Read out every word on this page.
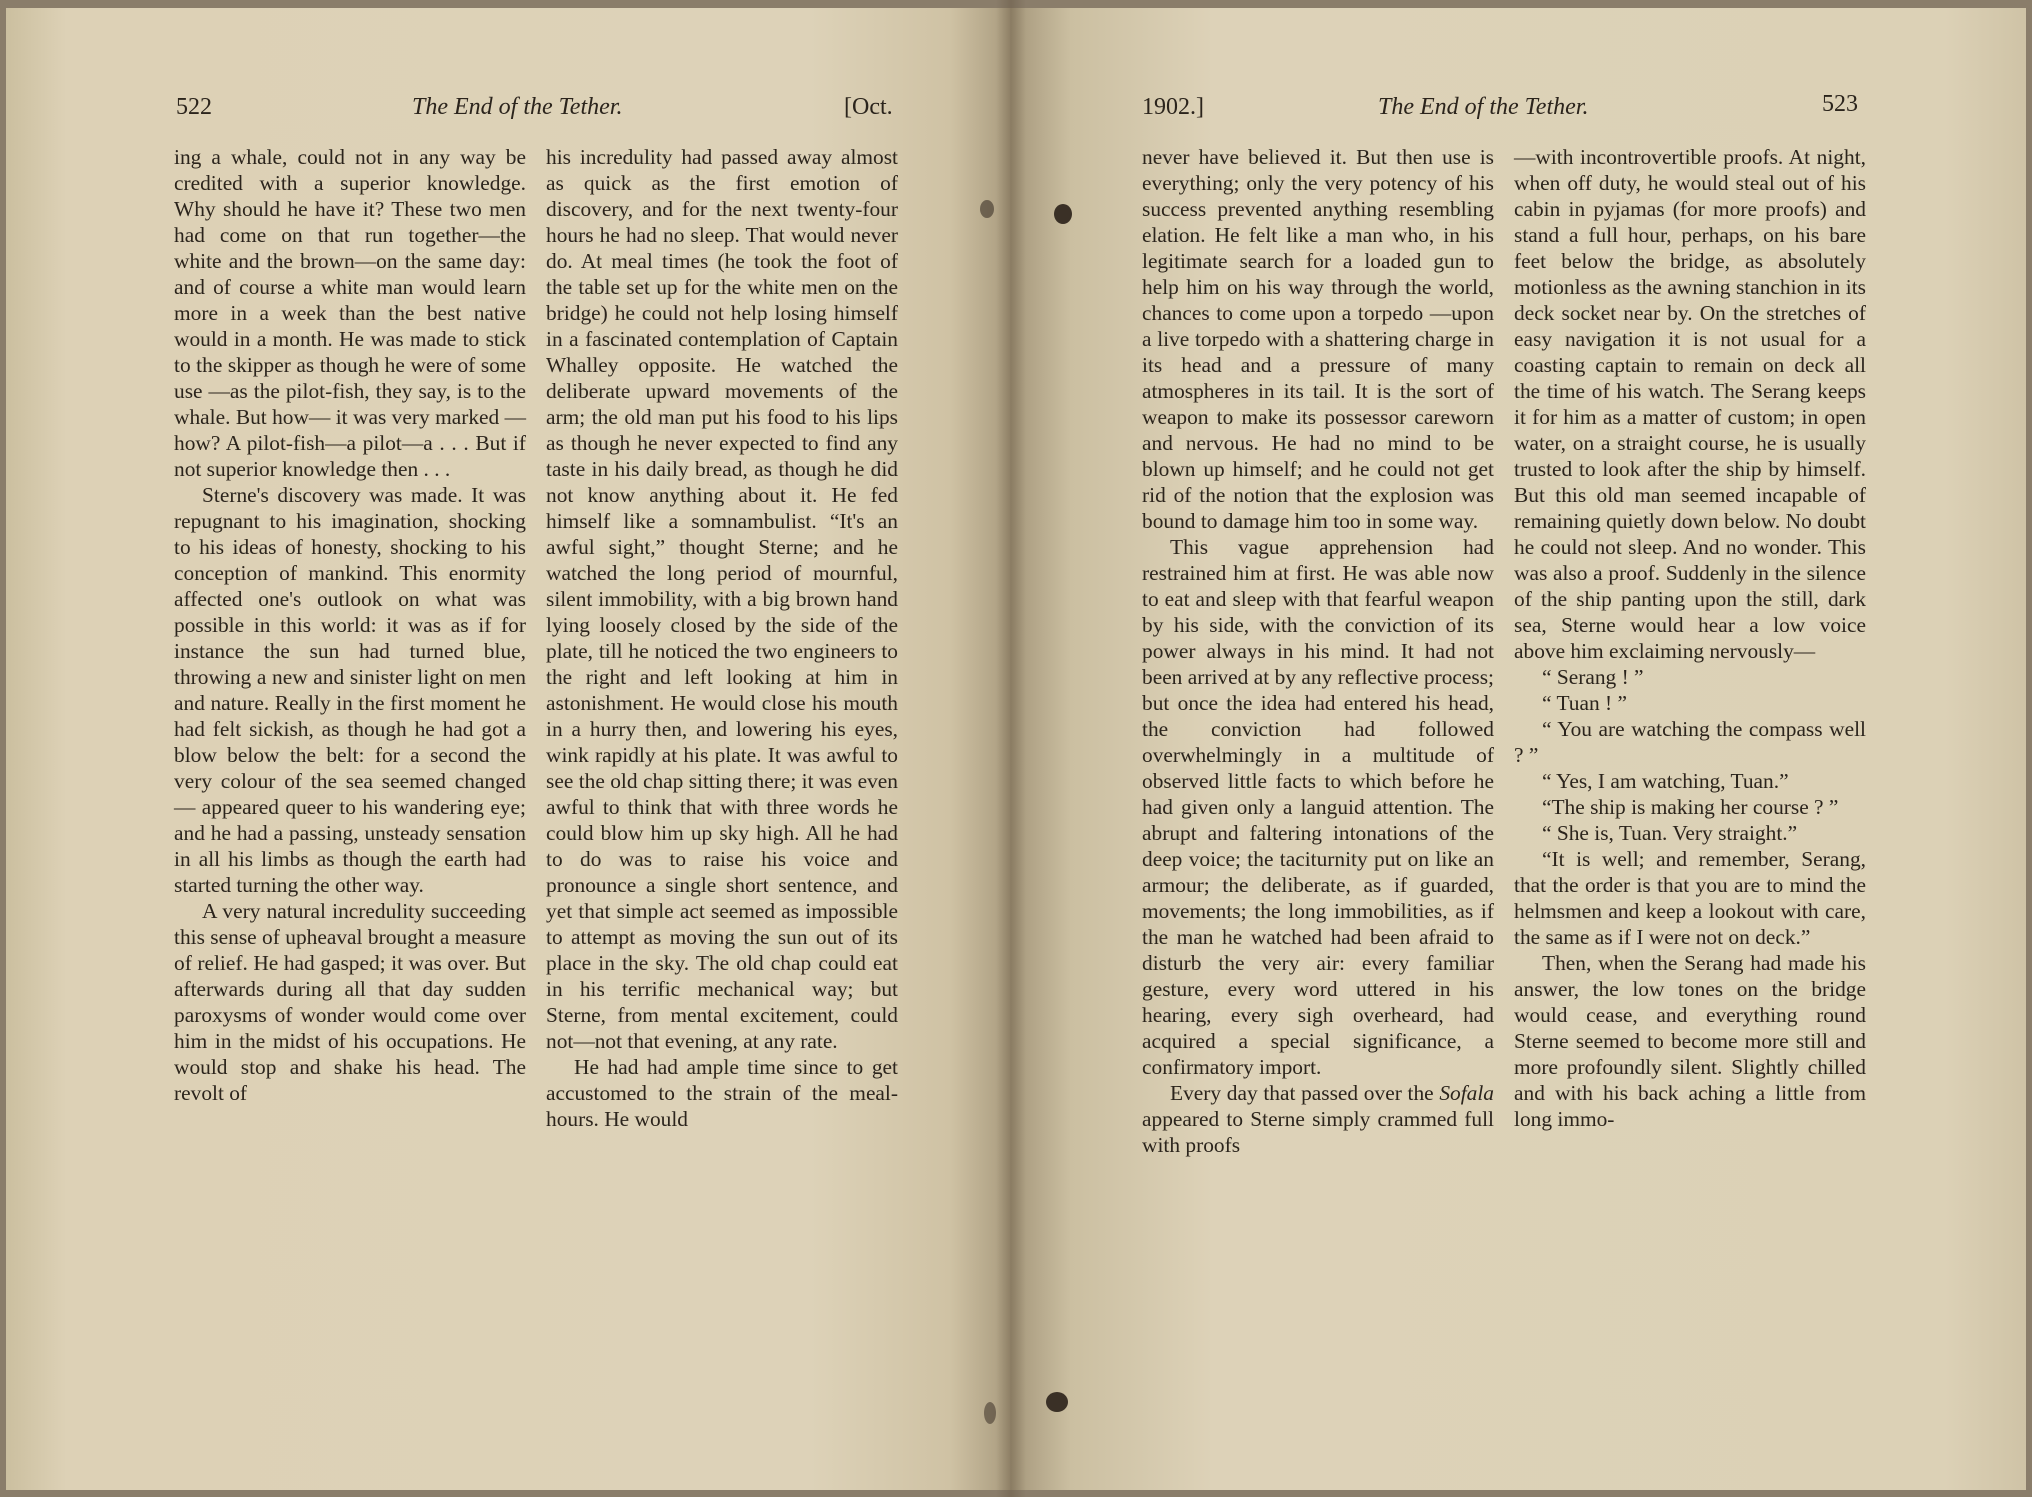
522	The End of the Tether.	[Oct.

ing a whale, could not in any way be credited with a superior knowledge. Why should he have it? These two men had come on that run together—the white and the brown—on the same day: and of course a white man would learn more in a week than the best native would in a month. He was made to stick to the skipper as though he were of some use —as the pilot-fish, they say, is to the whale. But how— it was very marked — how? A pilot-fish—a pilot—a . . . But if not superior knowledge then . . .

Sterne's discovery was made. It was repugnant to his imagination, shocking to his ideas of honesty, shocking to his conception of mankind. This enormity affected one's outlook on what was possible in this world: it was as if for instance the sun had turned blue, throwing a new and sinister light on men and nature. Really in the first moment he had felt sickish, as though he had got a blow below the belt: for a second the very colour of the sea seemed changed — appeared queer to his wandering eye; and he had a passing, unsteady sensation in all his limbs as though the earth had started turning the other way.

A very natural incredulity succeeding this sense of upheaval brought a measure of relief. He had gasped; it was over. But afterwards during all that day sudden paroxysms of wonder would come over him in the midst of his occupations. He would stop and shake his head. The revolt of

his incredulity had passed away almost as quick as the first emotion of discovery, and for the next twenty-four hours he had no sleep. That would never do. At meal times (he took the foot of the table set up for the white men on the bridge) he could not help losing himself in a fascinated contemplation of Captain Whalley opposite. He watched the deliberate upward movements of the arm; the old man put his food to his lips as though he never expected to find any taste in his daily bread, as though he did not know anything about it. He fed himself like a somnambulist. “It's an awful sight,” thought Sterne; and he watched the long period of mournful, silent immobility, with a big brown hand lying loosely closed by the side of the plate, till he noticed the two engineers to the right and left looking at him in astonishment. He would close his mouth in a hurry then, and lowering his eyes, wink rapidly at his plate. It was awful to see the old chap sitting there; it was even awful to think that with three words he could blow him up sky high. All he had to do was to raise his voice and pronounce a single short sentence, and yet that simple act seemed as impossible to attempt as moving the sun out of its place in the sky. The old chap could eat in his terrific mechanical way; but Sterne, from mental excitement, could not—not that evening, at any rate.

He had had ample time since to get accustomed to the strain of the meal-hours. He would

1902.]	The End of the Tether.	523

never have believed it. But then use is everything; only the very potency of his success prevented anything resembling elation. He felt like a man who, in his legitimate search for a loaded gun to help him on his way through the world, chances to come upon a torpedo —upon a live torpedo with a shattering charge in its head and a pressure of many atmospheres in its tail. It is the sort of weapon to make its possessor careworn and nervous. He had no mind to be blown up himself; and he could not get rid of the notion that the explosion was bound to damage him too in some way.

This vague apprehension had restrained him at first. He was able now to eat and sleep with that fearful weapon by his side, with the conviction of its power always in his mind. It had not been arrived at by any reflective process; but once the idea had entered his head, the conviction had followed overwhelmingly in a multitude of observed little facts to which before he had given only a languid attention. The abrupt and faltering intonations of the deep voice; the taciturnity put on like an armour; the deliberate, as if guarded, movements; the long immobilities, as if the man he watched had been afraid to disturb the very air: every familiar gesture, every word uttered in his hearing, every sigh overheard, had acquired a special significance, a confirmatory import.

Every day that passed over the Sofala appeared to Sterne simply crammed full with proofs

—with incontrovertible proofs. At night, when off duty, he would steal out of his cabin in pyjamas (for more proofs) and stand a full hour, perhaps, on his bare feet below the bridge, as absolutely motionless as the awning stanchion in its deck socket near by. On the stretches of easy navigation it is not usual for a coasting captain to remain on deck all the time of his watch. The Serang keeps it for him as a matter of custom; in open water, on a straight course, he is usually trusted to look after the ship by himself. But this old man seemed incapable of remaining quietly down below. No doubt he could not sleep. And no wonder. This was also a proof. Suddenly in the silence of the ship panting upon the still, dark sea, Sterne would hear a low voice above him exclaiming nervously—

“ Serang ! ”

“ Tuan ! ”

“ You are watching the compass well ? ”

“ Yes, I am watching, Tuan.”

“The ship is making her course ? ”

“ She is, Tuan. Very straight.”

“It is well; and remember, Serang, that the order is that you are to mind the helmsmen and keep a lookout with care, the same as if I were not on deck.”

Then, when the Serang had made his answer, the low tones on the bridge would cease, and everything round Sterne seemed to become more still and more profoundly silent. Slightly chilled and with his back aching a little from long immo-
